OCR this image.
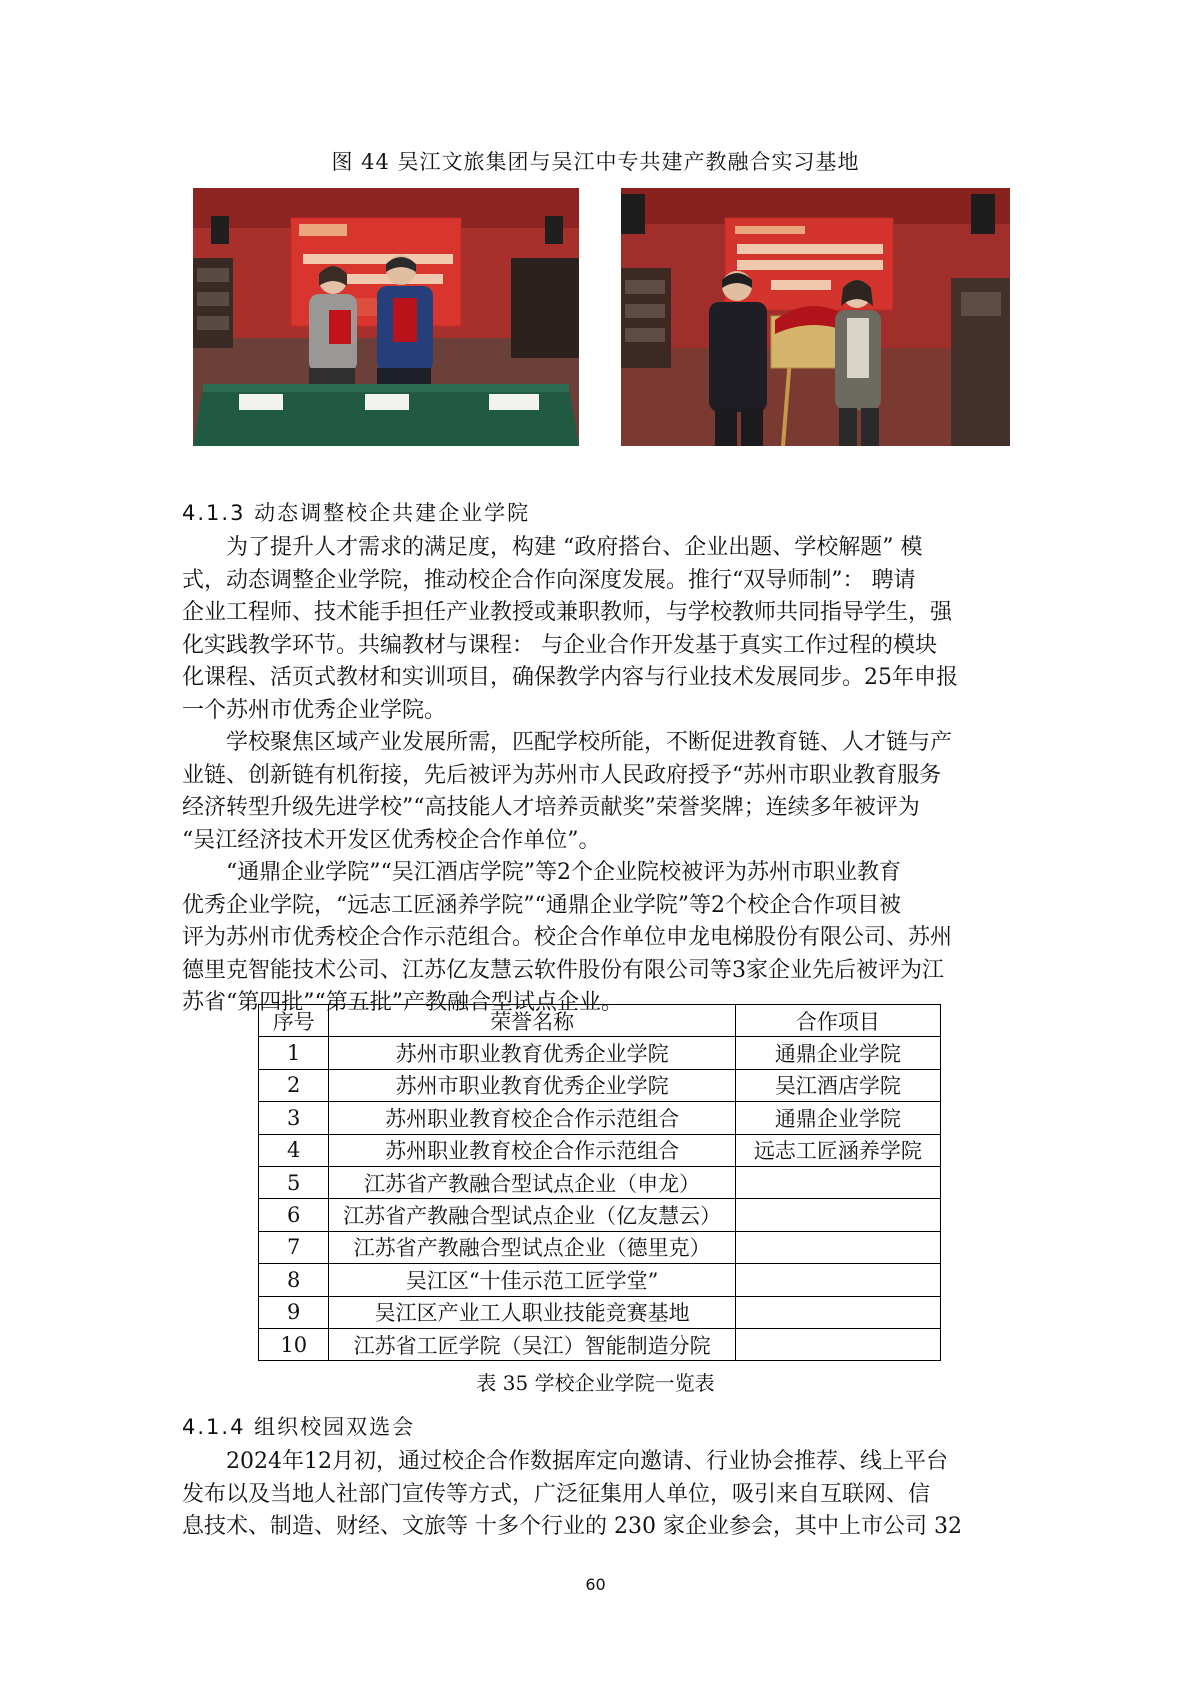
图 44 吴江文旅集团与吴江中专共建产教融合实习基地
4.1.3 动态调整校企共建企业学院

为了提升人才需求的满足度，构建 “政府搭台、企业出题、学校解题” 模
式，动态调整企业学院，推动校企合作向深度发展。推行“双导师制”： 聘请
企业工程师、技术能手担任产业教授或兼职教师，与学校教师共同指导学生，强
化实践教学环节。共编教材与课程： 与企业合作开发基于真实工作过程的模块
化课程、活页式教材和实训项目，确保教学内容与行业技术发展同步。25年申报
一个苏州市优秀企业学院。

学校聚焦区域产业发展所需，匹配学校所能，不断促进教育链、人才链与产
业链、创新链有机衔接，先后被评为苏州市人民政府授予“苏州市职业教育服务
经济转型升级先进学校”“高技能人才培养贡献奖”荣誉奖牌；连续多年被评为
“吴江经济技术开发区优秀校企合作单位”。

“通鼎企业学院”“吴江酒店学院”等2个企业院校被评为苏州市职业教育
优秀企业学院，“远志工匠涵养学院”“通鼎企业学院”等2个校企合作项目被
评为苏州市优秀校企合作示范组合。校企合作单位申龙电梯股份有限公司、苏州
德里克智能技术公司、江苏亿友慧云软件股份有限公司等3家企业先后被评为江
苏省“第四批”“第五批”产教融合型试点企业。

序号	荣誉名称	合作项目
1	苏州市职业教育优秀企业学院	通鼎企业学院
2	苏州市职业教育优秀企业学院	吴江酒店学院
3	苏州职业教育校企合作示范组合	通鼎企业学院
4	苏州职业教育校企合作示范组合	远志工匠涵养学院
5	江苏省产教融合型试点企业（申龙）	
6	江苏省产教融合型试点企业（亿友慧云）	
7	江苏省产教融合型试点企业（德里克）	
8	吴江区“十佳示范工匠学堂”	
9	吴江区产业工人职业技能竞赛基地	
10	江苏省工匠学院（吴江）智能制造分院	
表 35 学校企业学院一览表
4.1.4 组织校园双选会

2024年12月初，通过校企合作数据库定向邀请、行业协会推荐、线上平台
发布以及当地人社部门宣传等方式，广泛征集用人单位，吸引来自互联网、信
息技术、制造、财经、文旅等 十多个行业的 230 家企业参会，其中上市公司 32

60
